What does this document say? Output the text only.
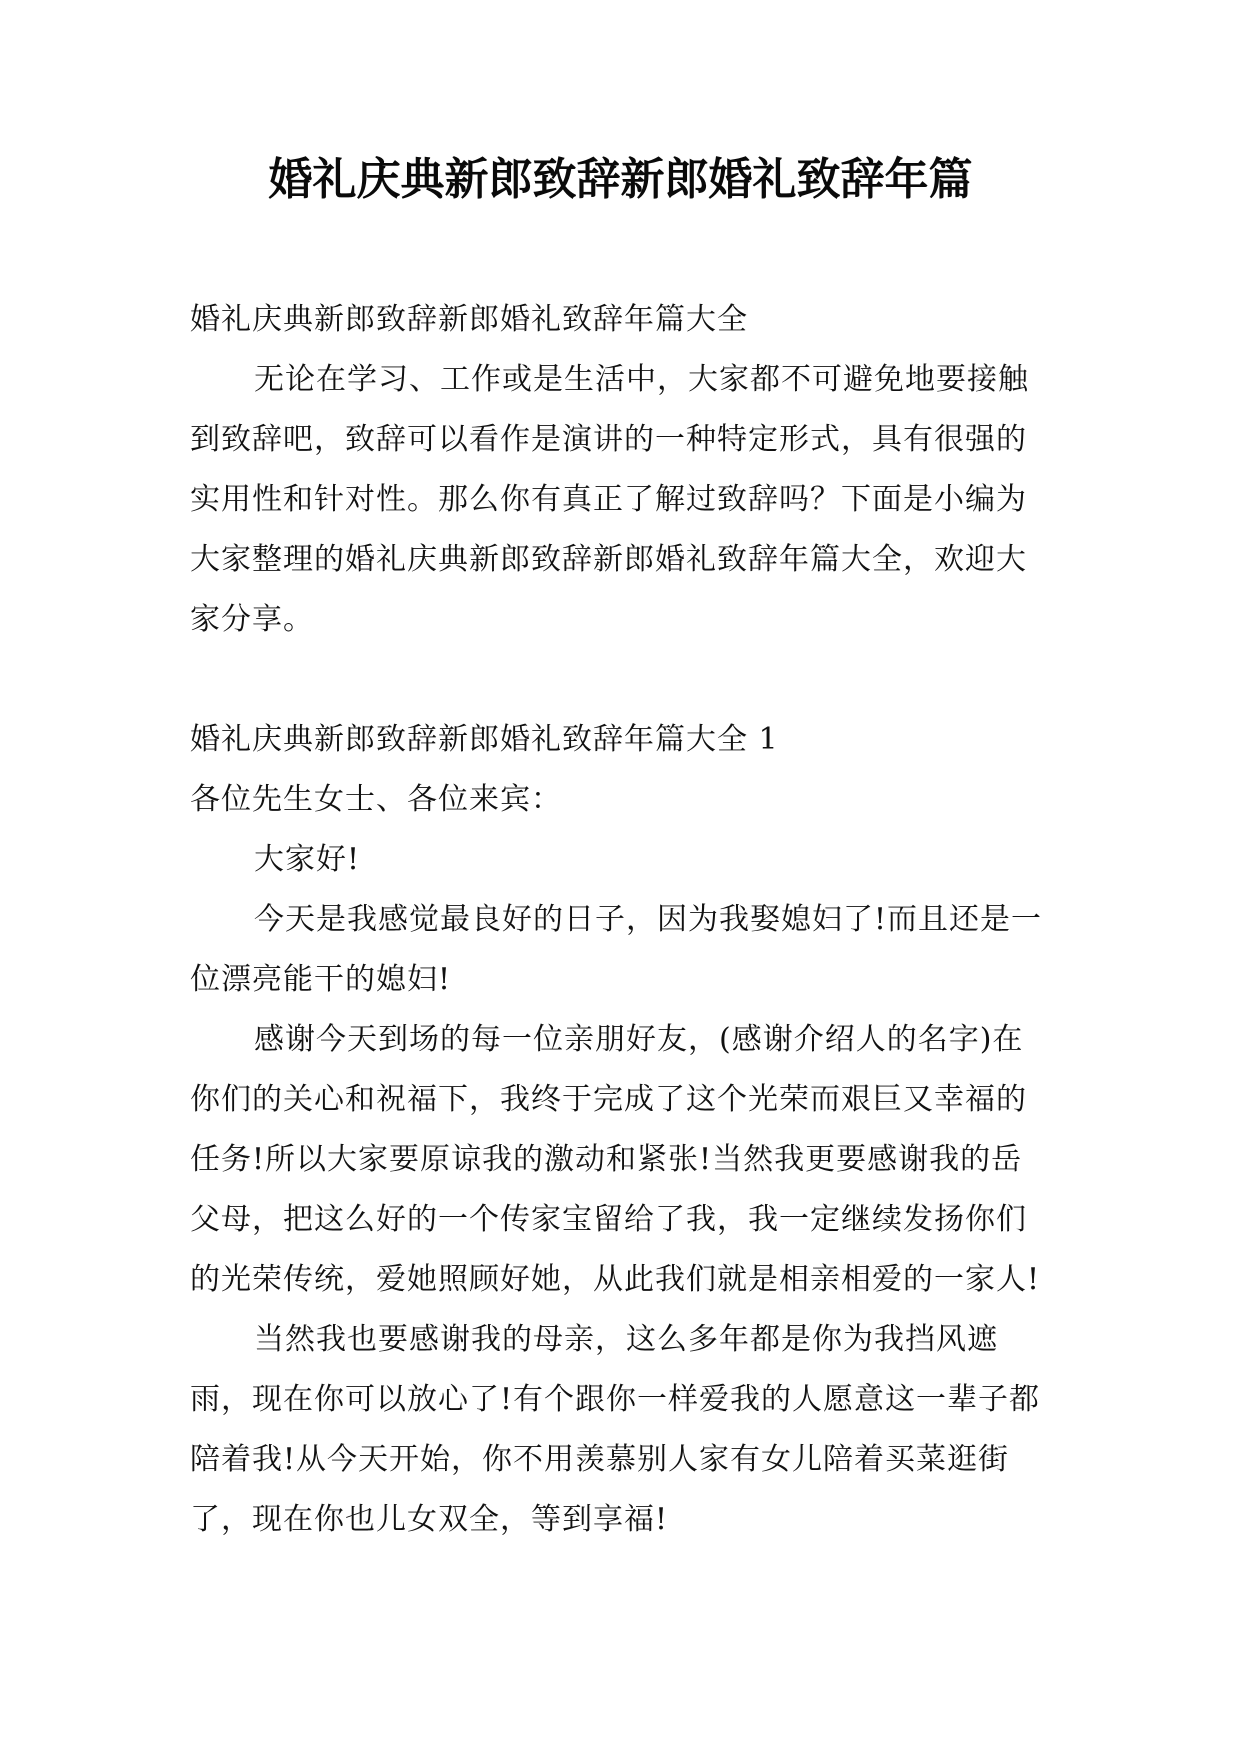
婚礼庆典新郎致辞新郎婚礼致辞年篇

婚礼庆典新郎致辞新郎婚礼致辞年篇大全

无论在学习、工作或是生活中，大家都不可避免地要接触到致辞吧，致辞可以看作是演讲的一种特定形式，具有很强的实用性和针对性。那么你有真正了解过致辞吗？下面是小编为大家整理的婚礼庆典新郎致辞新郎婚礼致辞年篇大全，欢迎大家分享。

婚礼庆典新郎致辞新郎婚礼致辞年篇大全 1

各位先生女士、各位来宾：

大家好!

今天是我感觉最良好的日子，因为我娶媳妇了!而且还是一位漂亮能干的媳妇!

感谢今天到场的每一位亲朋好友，(感谢介绍人的名字)在你们的关心和祝福下，我终于完成了这个光荣而艰巨又幸福的任务!所以大家要原谅我的激动和紧张!当然我更要感谢我的岳父母，把这么好的一个传家宝留给了我，我一定继续发扬你们的光荣传统，爱她照顾好她，从此我们就是相亲相爱的一家人!

当然我也要感谢我的母亲，这么多年都是你为我挡风遮雨，现在你可以放心了!有个跟你一样爱我的人愿意这一辈子都陪着我!从今天开始，你不用羡慕别人家有女儿陪着买菜逛街了，现在你也儿女双全，等到享福!
